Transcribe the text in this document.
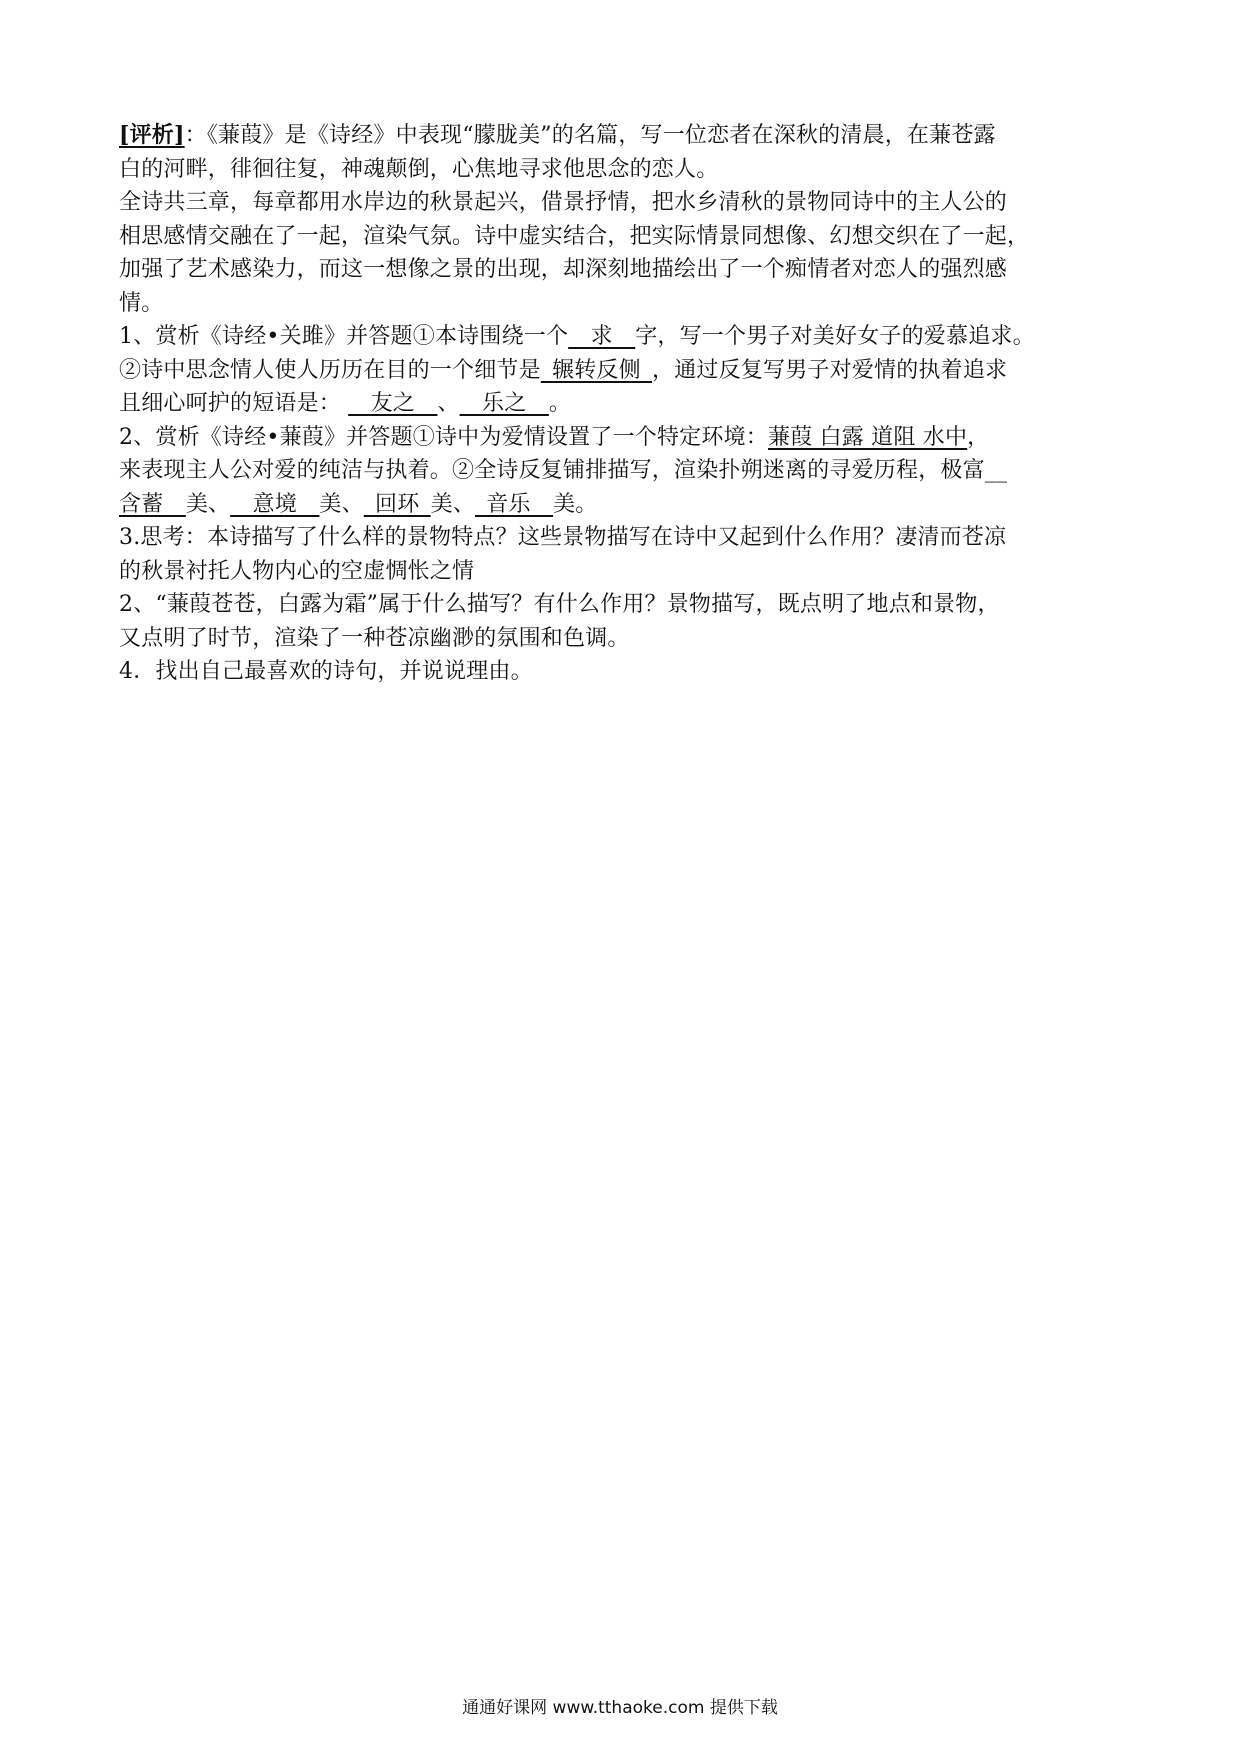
[评析]：《蒹葭》是《诗经》中表现“朦胧美”的名篇，写一位恋者在深秋的清晨，在蒹苍露
白的河畔，徘徊往复，神魂颠倒，心焦地寻求他思念的恋人。
全诗共三章，每章都用水岸边的秋景起兴，借景抒情，把水乡清秋的景物同诗中的主人公的
相思感情交融在了一起，渲染气氛。诗中虚实结合，把实际情景同想像、幻想交织在了一起，
加强了艺术感染力，而这一想像之景的出现，却深刻地描绘出了一个痴情者对恋人的强烈感
情。
1、赏析《诗经•关雎》并答题①本诗围绕一个__求__字，写一个男子对美好女子的爱慕追求。
②诗中思念情人使人历历在目的一个细节是_辗转反侧_，通过反复写男子对爱情的执着追求
且细心呵护的短语是： __友之__、__乐之__。
2、赏析《诗经•蒹葭》并答题①诗中为爱情设置了一个特定环境：蒹葭 白露 道阻 水中，
来表现主人公对爱的纯洁与执着。②全诗反复铺排描写，渲染扑朔迷离的寻爱历程，极富__
含蓄__美、__意境__美、_回环_美、_音乐__美。
3.思考：本诗描写了什么样的景物特点？这些景物描写在诗中又起到什么作用？凄清而苍凉
的秋景衬托人物内心的空虚惆怅之情
2、“蒹葭苍苍，白露为霜”属于什么描写？有什么作用？景物描写，既点明了地点和景物，
又点明了时节，渲染了一种苍凉幽渺的氛围和色调。
4．找出自己最喜欢的诗句，并说说理由。
通通好课网 www.tthaoke.com 提供下载
